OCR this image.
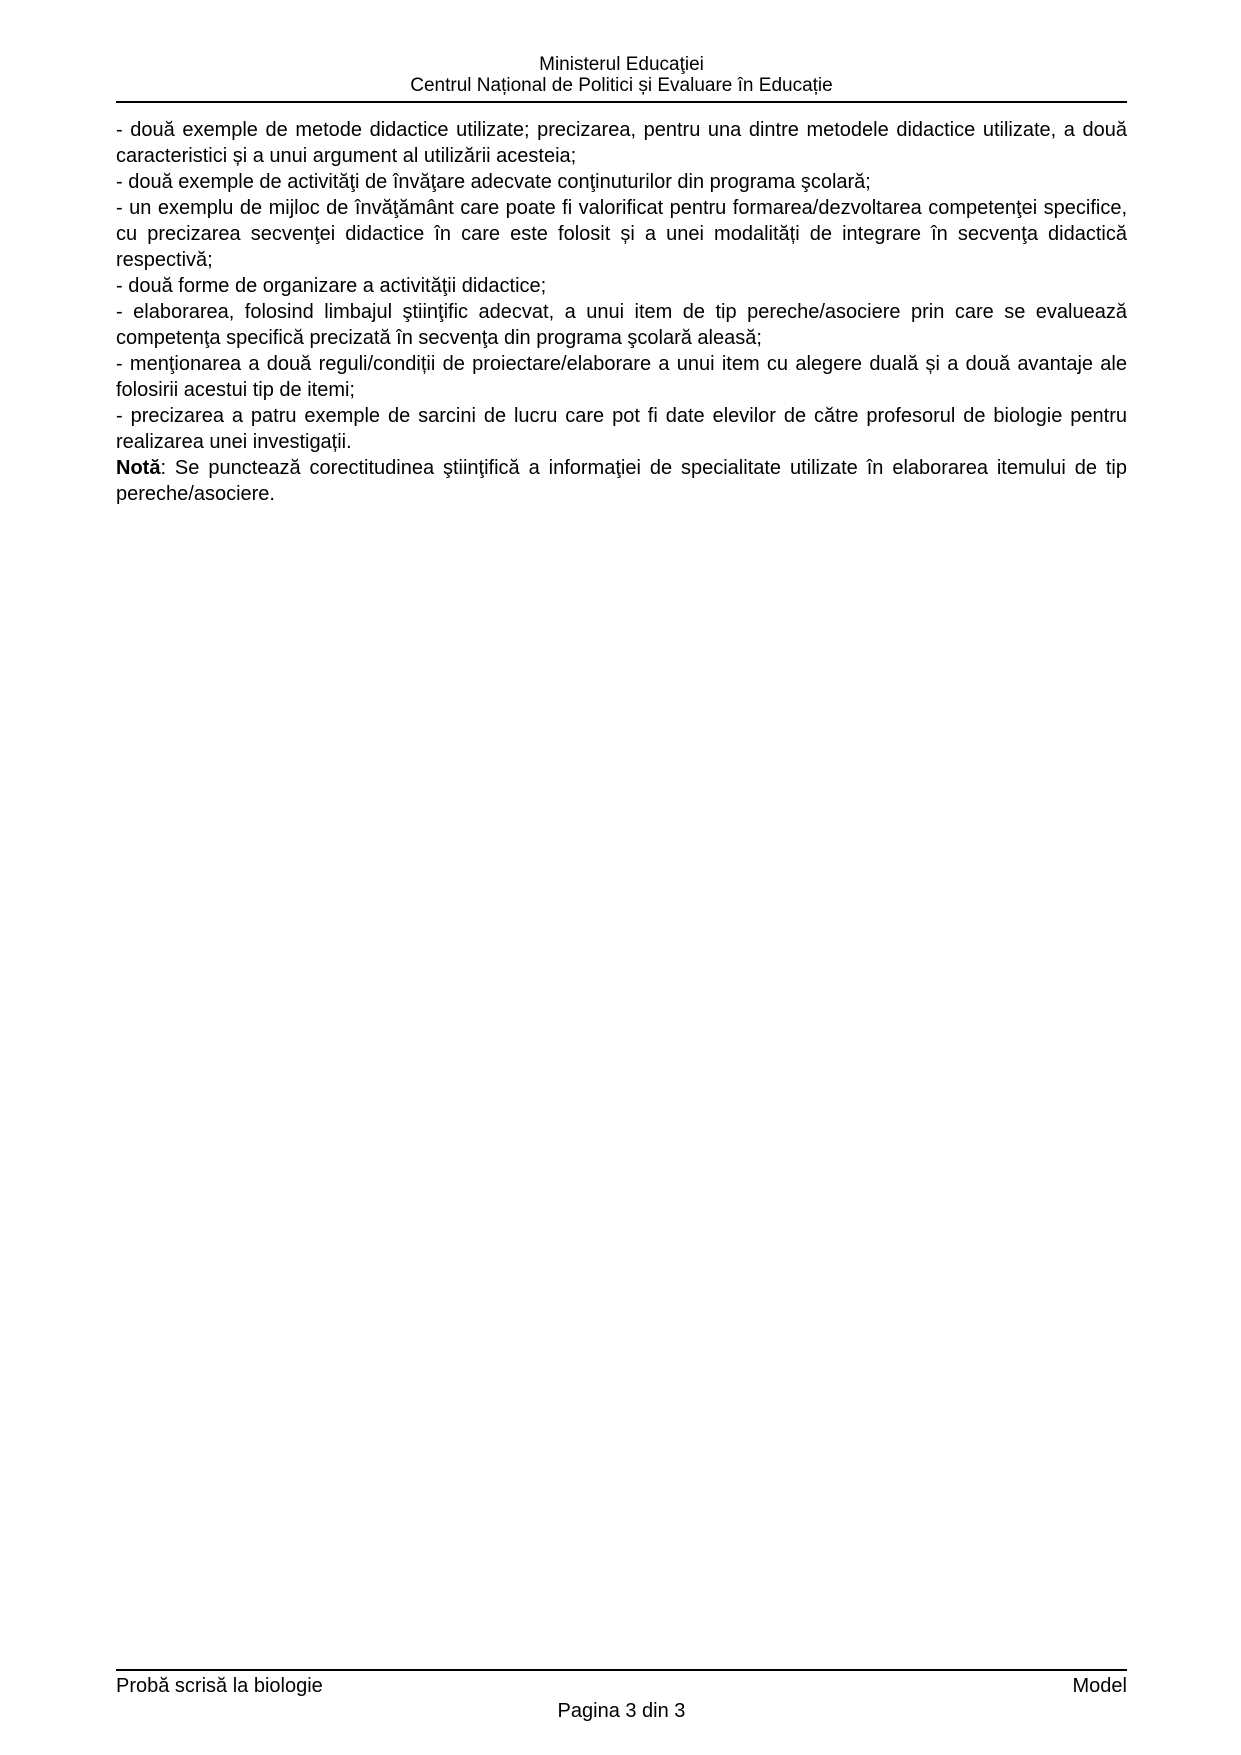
Ministerul Educaţiei
Centrul Național de Politici și Evaluare în Educație

- două exemple de metode didactice utilizate; precizarea, pentru una dintre metodele didactice utilizate, a două caracteristici și a unui argument al utilizării acesteia;

- două exemple de activităţi de învăţare adecvate conţinuturilor din programa şcolară;

- un exemplu de mijloc de învăţământ care poate fi valorificat pentru formarea/dezvoltarea competenţei specifice, cu precizarea secvenţei didactice în care este folosit și a unei modalități de integrare în secvenţa didactică respectivă;

- două forme de organizare a activităţii didactice;

- elaborarea, folosind limbajul ştiinţific adecvat, a unui item de tip pereche/asociere prin care se evaluează competenţa specifică precizată în secvenţa din programa şcolară aleasă;

- menţionarea a două reguli/condiții de proiectare/elaborare a unui item cu alegere duală și a două avantaje ale folosirii acestui tip de itemi;

- precizarea a patru exemple de sarcini de lucru care pot fi date elevilor de către profesorul de biologie pentru realizarea unei investigații.

Notă: Se punctează corectitudinea ştiinţifică a informaţiei de specialitate utilizate în elaborarea itemului de tip pereche/asociere.

Probă scrisă la biologie	Model
Pagina 3 din 3
